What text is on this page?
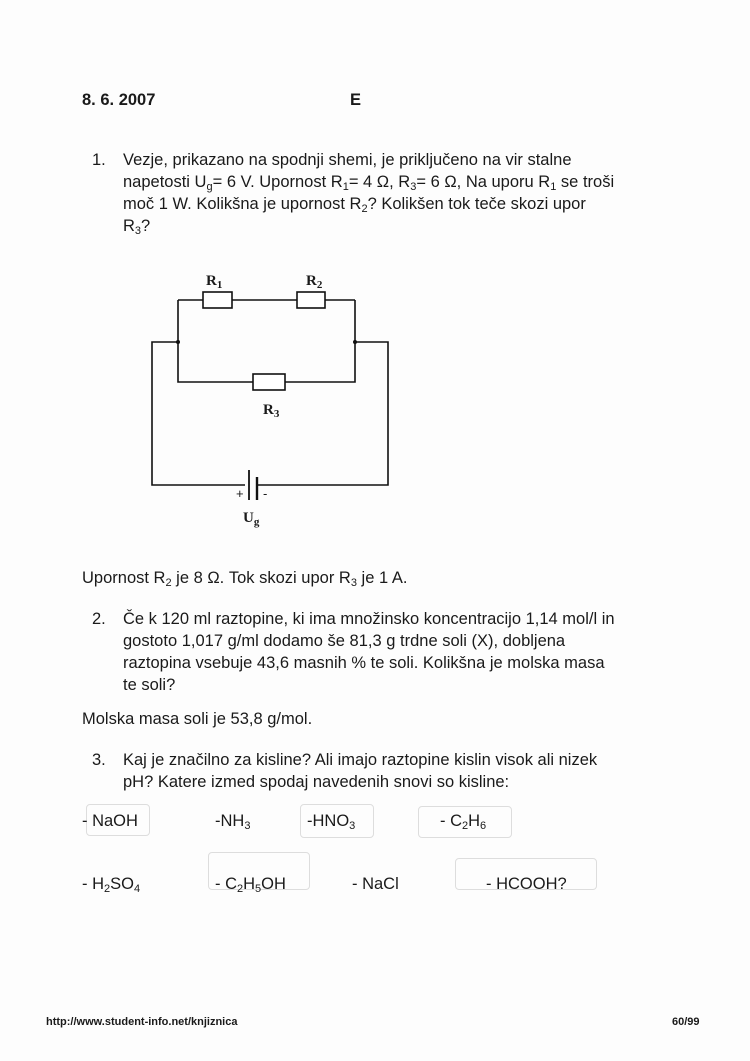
8. 6. 2007	E
1. Vezje, prikazano na spodnji shemi, je priključeno na vir stalne
napetosti $U_g= 6$ V. Upornost $R_1= 4$ Ω, $R_3= 6$ Ω, Na uporu $R_1$ se troši
moč 1 W. Kolikšna je upornost $R_2$? Kolikšen tok teče skozi upor
$R_3$?
$R_1$	$R_2$
$R_3$
+ -
$U_g$
Upornost $R_2$ je 8 Ω. Tok skozi upor $R_3$ je 1 A.
2. Če k 120 ml raztopine, ki ima množinsko koncentracijo 1,14 mol/l in
gostoto 1,017 g/ml dodamo še 81,3 g trdne soli (X), dobljena
raztopina vsebuje 43,6 masnih % te soli. Kolikšna je molska masa
te soli?
Molska masa soli je 53,8 g/mol.
3. Kaj je značilno za kisline? Ali imajo raztopine kislin visok ali nizek
pH? Katere izmed spodaj navedenih snovi so kisline:
- NaOH	$-NH_3$	$-HNO_3$	- $C_2H_6$
- $H_2SO_4$	- $C_2H_5OH$	- NaCl	- HCOOH?
http://www.student-info.net/knjiznica	60/99
